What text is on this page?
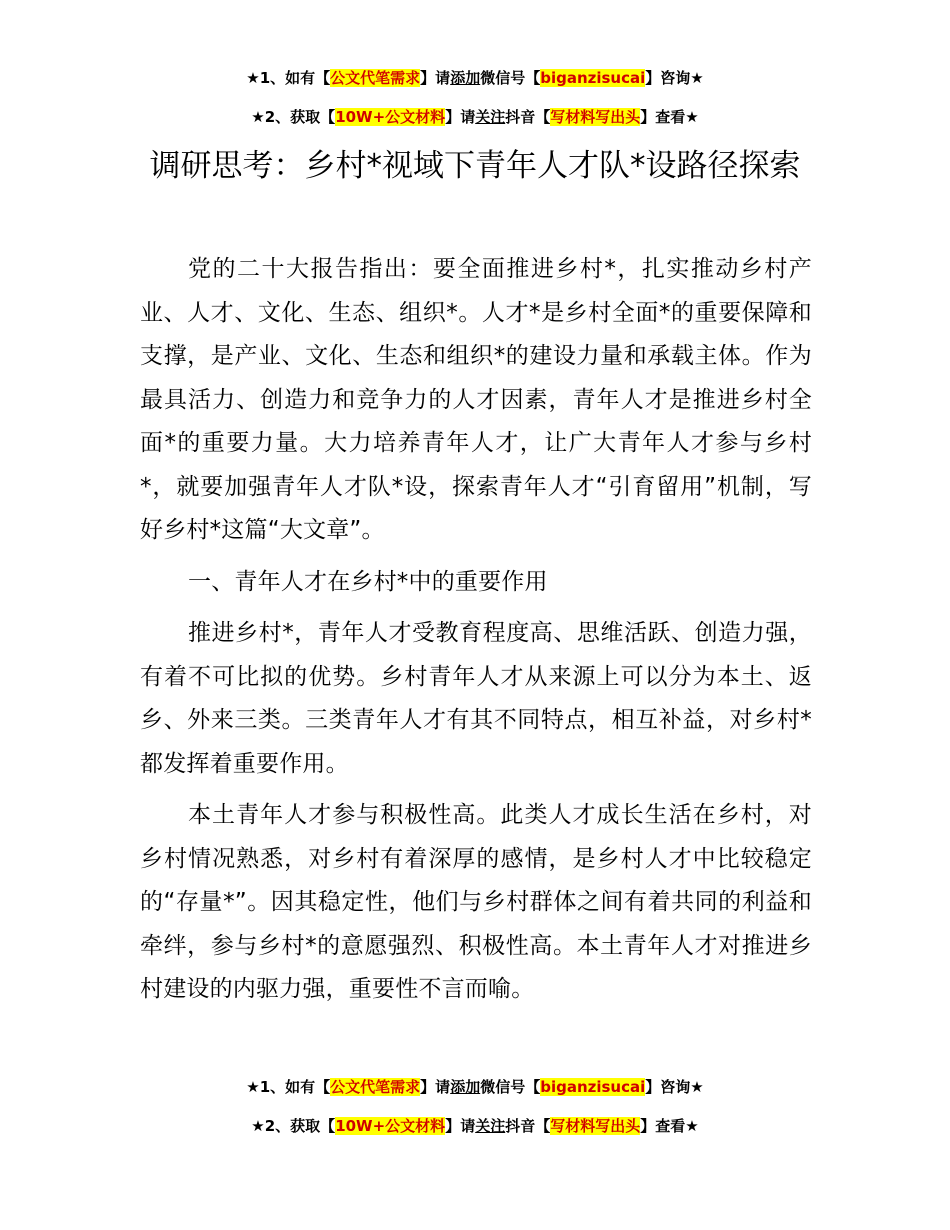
★1、如有【公文代笔需求】请添加微信号【biganzisucai】咨询★
★2、获取【10W+公文材料】请关注抖音【写材料写出头】查看★
调研思考：乡村*视域下青年人才队*设路径探索

党的二十大报告指出：要全面推进乡村*，扎实推动乡村产业、人才、文化、生态、组织*。人才*是乡村全面*的重要保障和支撑，是产业、文化、生态和组织*的建设力量和承载主体。作为最具活力、创造力和竞争力的人才因素，青年人才是推进乡村全面*的重要力量。大力培养青年人才，让广大青年人才参与乡村*，就要加强青年人才队*设，探索青年人才“引育留用”机制，写好乡村*这篇“大文章”。

一、青年人才在乡村*中的重要作用

推进乡村*，青年人才受教育程度高、思维活跃、创造力强，有着不可比拟的优势。乡村青年人才从来源上可以分为本土、返乡、外来三类。三类青年人才有其不同特点，相互补益，对乡村*都发挥着重要作用。

本土青年人才参与积极性高。此类人才成长生活在乡村，对乡村情况熟悉，对乡村有着深厚的感情，是乡村人才中比较稳定的“存量*”。因其稳定性，他们与乡村群体之间有着共同的利益和牵绊，参与乡村*的意愿强烈、积极性高。本土青年人才对推进乡村建设的内驱力强，重要性不言而喻。

★1、如有【公文代笔需求】请添加微信号【biganzisucai】咨询★
★2、获取【10W+公文材料】请关注抖音【写材料写出头】查看★
